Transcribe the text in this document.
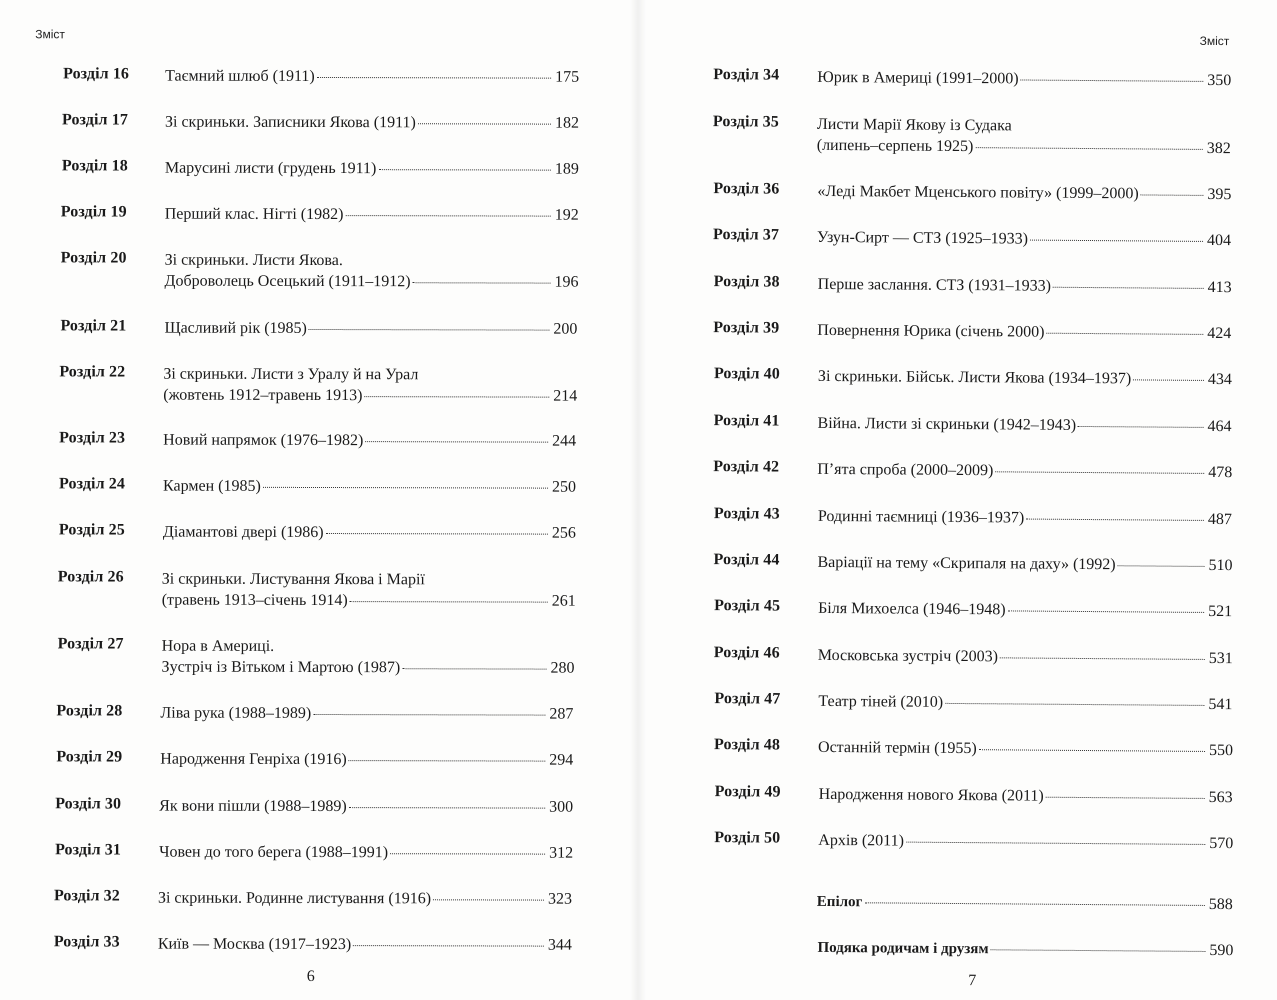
Зміст
Розділ 16 Таємний шлюб (1911)	175
Розділ 17 Зі скриньки. Записники Якова (1911)	182
Розділ 18 Марусині листи (грудень 1911)	189
Розділ 19 Перший клас. Нігті (1982)	192
Розділ 20 Зі скриньки. Листи Якова.
Доброволець Осецький (1911–1912)	196
Розділ 21 Щасливий рік (1985)	200
Розділ 22 Зі скриньки. Листи з Уралу й на Урал
(жовтень 1912–травень 1913)	214
Розділ 23 Новий напрямок (1976–1982)	244
Розділ 24 Кармен (1985)	250
Розділ 25 Діамантові двері (1986)	256
Розділ 26 Зі скриньки. Листування Якова і Марії
(травень 1913–січень 1914)	261
Розділ 27 Нора в Америці.
Зустріч із Вітьком і Мартою (1987)	280
Розділ 28 Ліва рука (1988–1989)	287
Розділ 29 Народження Генріха (1916)	294
Розділ 30 Як вони пішли (1988–1989)	300
Розділ 31 Човен до того берега (1988–1991)	312
Розділ 32 Зі скриньки. Родинне листування (1916)	323
Розділ 33 Київ — Москва (1917–1923)	344
6
Зміст
Розділ 34 Юрик в Америці (1991–2000)	350
Розділ 35 Листи Марії Якову із Судака
(липень–серпень 1925)	382
Розділ 36 «Леді Макбет Мценського повіту» (1999–2000)	395
Розділ 37 Узун-Сирт — СТЗ (1925–1933)	404
Розділ 38 Перше заслання. СТЗ (1931–1933)	413
Розділ 39 Повернення Юрика (січень 2000)	424
Розділ 40 Зі скриньки. Бійськ. Листи Якова (1934–1937)	434
Розділ 41 Війна. Листи зі скриньки (1942–1943)	464
Розділ 42 П’ята спроба (2000–2009)	478
Розділ 43 Родинні таємниці (1936–1937)	487
Розділ 44 Варіації на тему «Скрипаля на даху» (1992)	510
Розділ 45 Біля Михоелса (1946–1948)	521
Розділ 46 Московська зустріч (2003)	531
Розділ 47 Театр тіней (2010)	541
Розділ 48 Останній термін (1955)	550
Розділ 49 Народження нового Якова (2011)	563
Розділ 50 Архів (2011)	570
Епілог	588
Подяка родичам і друзям	590
7
